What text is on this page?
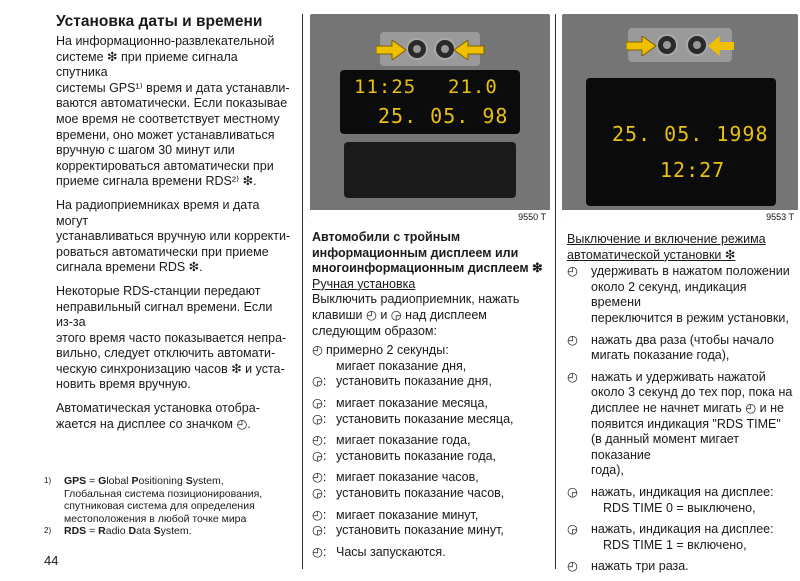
Установка даты и времени

На информационно-развлекательной

системе ❇ при приеме сигнала спутника

системы GPS¹⁾ время и дата устанавли-

ваются автоматически. Если показывае

мое время не соответствует местному

времени, оно может устанавливаться

вручную с шагом 30 минут или

корректироваться автоматически при

приеме сигнала времени RDS²⁾ ❇.

На радиоприемниках время и дата могут

устанавливаться вручную или корректи-

роваться автоматически при приеме

сигнала времени RDS ❇.

Некоторые RDS-станции передают

неправильный сигнал времени. Если из-за

этого время часто показывается непра-

вильно, следует отключить автомати-

ческую синхронизацию часов ❇ и уста-

новить время вручную.

Автоматическая установка отобра-

жается на дисплее со значком ◴.

1)	GPS = Global Positioning System,

Глобальная система позиционирования,

спутниковая система для определения

местоположения в любой точке мира

2)	RDS = Radio Data System.
44
11:25 21.0
25. 05. 98
9550 T
25. 05. 1998
12:27
9553 T

Автомобили с тройным

информационным дисплеем или

многоинформационным дисплеем ❇

Ручная установка

Выключить радиоприемник, нажать

клавиши ◴ и ◶ над дисплеем

следующим образом:

◴ примерно 2 секунды:
мигает показание дня,
◶: установить показание дня,
◶: мигает показание месяца,
◶: установить показание месяца,
◴: мигает показание года,
◶: установить показание года,
◴: мигает показание часов,
◶: установить показание часов,
◴: мигает показание минут,
◶: установить показание минут,
◴: Часы запускаются.

Выключение и включение режима

автоматической установки ❇

◴	удерживать в нажатом положении

около 2 секунд, индикация времени

переключится в режим установки,

◴	нажать два раза (чтобы начало

мигать показание года),

◴	нажать и удерживать нажатой

около 3 секунд до тех пор, пока на

дисплее не начнет мигать ◴ и не

появится индикация "RDS TIME"

(в данный момент мигает показание

года),

◶	нажать, индикация на дисплее:

RDS TIME 0 = выключено,

◶	нажать, индикация на дисплее:

RDS TIME 1 = включено,

◴	нажать три раза.
